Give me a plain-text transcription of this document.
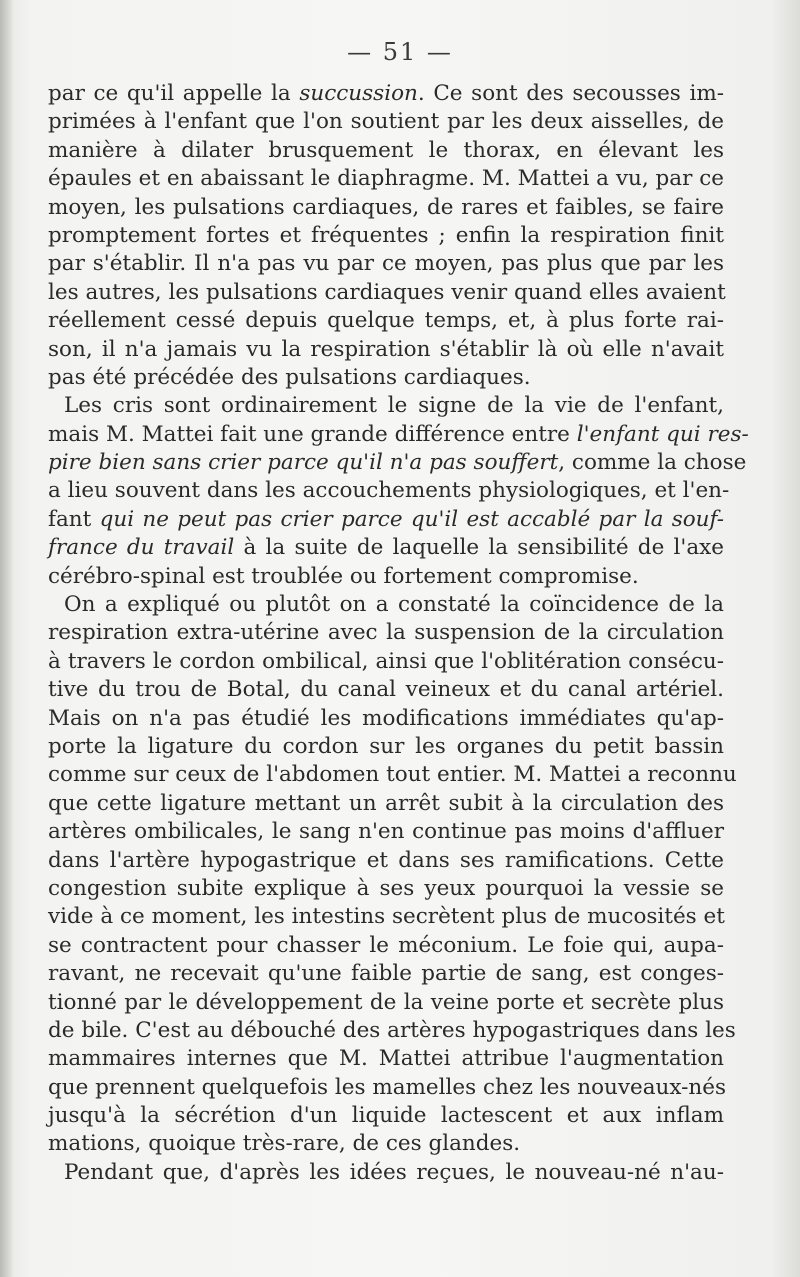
— 51 —
par ce qu'il appelle la succussion. Ce sont des secousses im-
primées à l'enfant que l'on soutient par les deux aisselles, de
manière à dilater brusquement le thorax, en élevant les
épaules et en abaissant le diaphragme. M. Mattei a vu, par ce
moyen, les pulsations cardiaques, de rares et faibles, se faire
promptement fortes et fréquentes ; enfin la respiration finit
par s'établir. Il n'a pas vu par ce moyen, pas plus que par les
les autres, les pulsations cardiaques venir quand elles avaient
réellement cessé depuis quelque temps, et, à plus forte rai-
son, il n'a jamais vu la respiration s'établir là où elle n'avait
pas été précédée des pulsations cardiaques.
Les cris sont ordinairement le signe de la vie de l'enfant,
mais M. Mattei fait une grande différence entre l'enfant qui res-
pire bien sans crier parce qu'il n'a pas souffert, comme la chose
a lieu souvent dans les accouchements physiologiques, et l'en-
fant qui ne peut pas crier parce qu'il est accablé par la souf-
france du travail à la suite de laquelle la sensibilité de l'axe
cérébro-spinal est troublée ou fortement compromise.
On a expliqué ou plutôt on a constaté la coïncidence de la
respiration extra-utérine avec la suspension de la circulation
à travers le cordon ombilical, ainsi que l'oblitération consécu-
tive du trou de Botal, du canal veineux et du canal artériel.
Mais on n'a pas étudié les modifications immédiates qu'ap-
porte la ligature du cordon sur les organes du petit bassin
comme sur ceux de l'abdomen tout entier. M. Mattei a reconnu
que cette ligature mettant un arrêt subit à la circulation des
artères ombilicales, le sang n'en continue pas moins d'affluer
dans l'artère hypogastrique et dans ses ramifications. Cette
congestion subite explique à ses yeux pourquoi la vessie se
vide à ce moment, les intestins secrètent plus de mucosités et
se contractent pour chasser le méconium. Le foie qui, aupa-
ravant, ne recevait qu'une faible partie de sang, est conges-
tionné par le développement de la veine porte et secrète plus
de bile. C'est au débouché des artères hypogastriques dans les
mammaires internes que M. Mattei attribue l'augmentation
que prennent quelquefois les mamelles chez les nouveaux-nés
jusqu'à la sécrétion d'un liquide lactescent et aux inflam
mations, quoique très-rare, de ces glandes.
Pendant que, d'après les idées reçues, le nouveau-né n'au-
